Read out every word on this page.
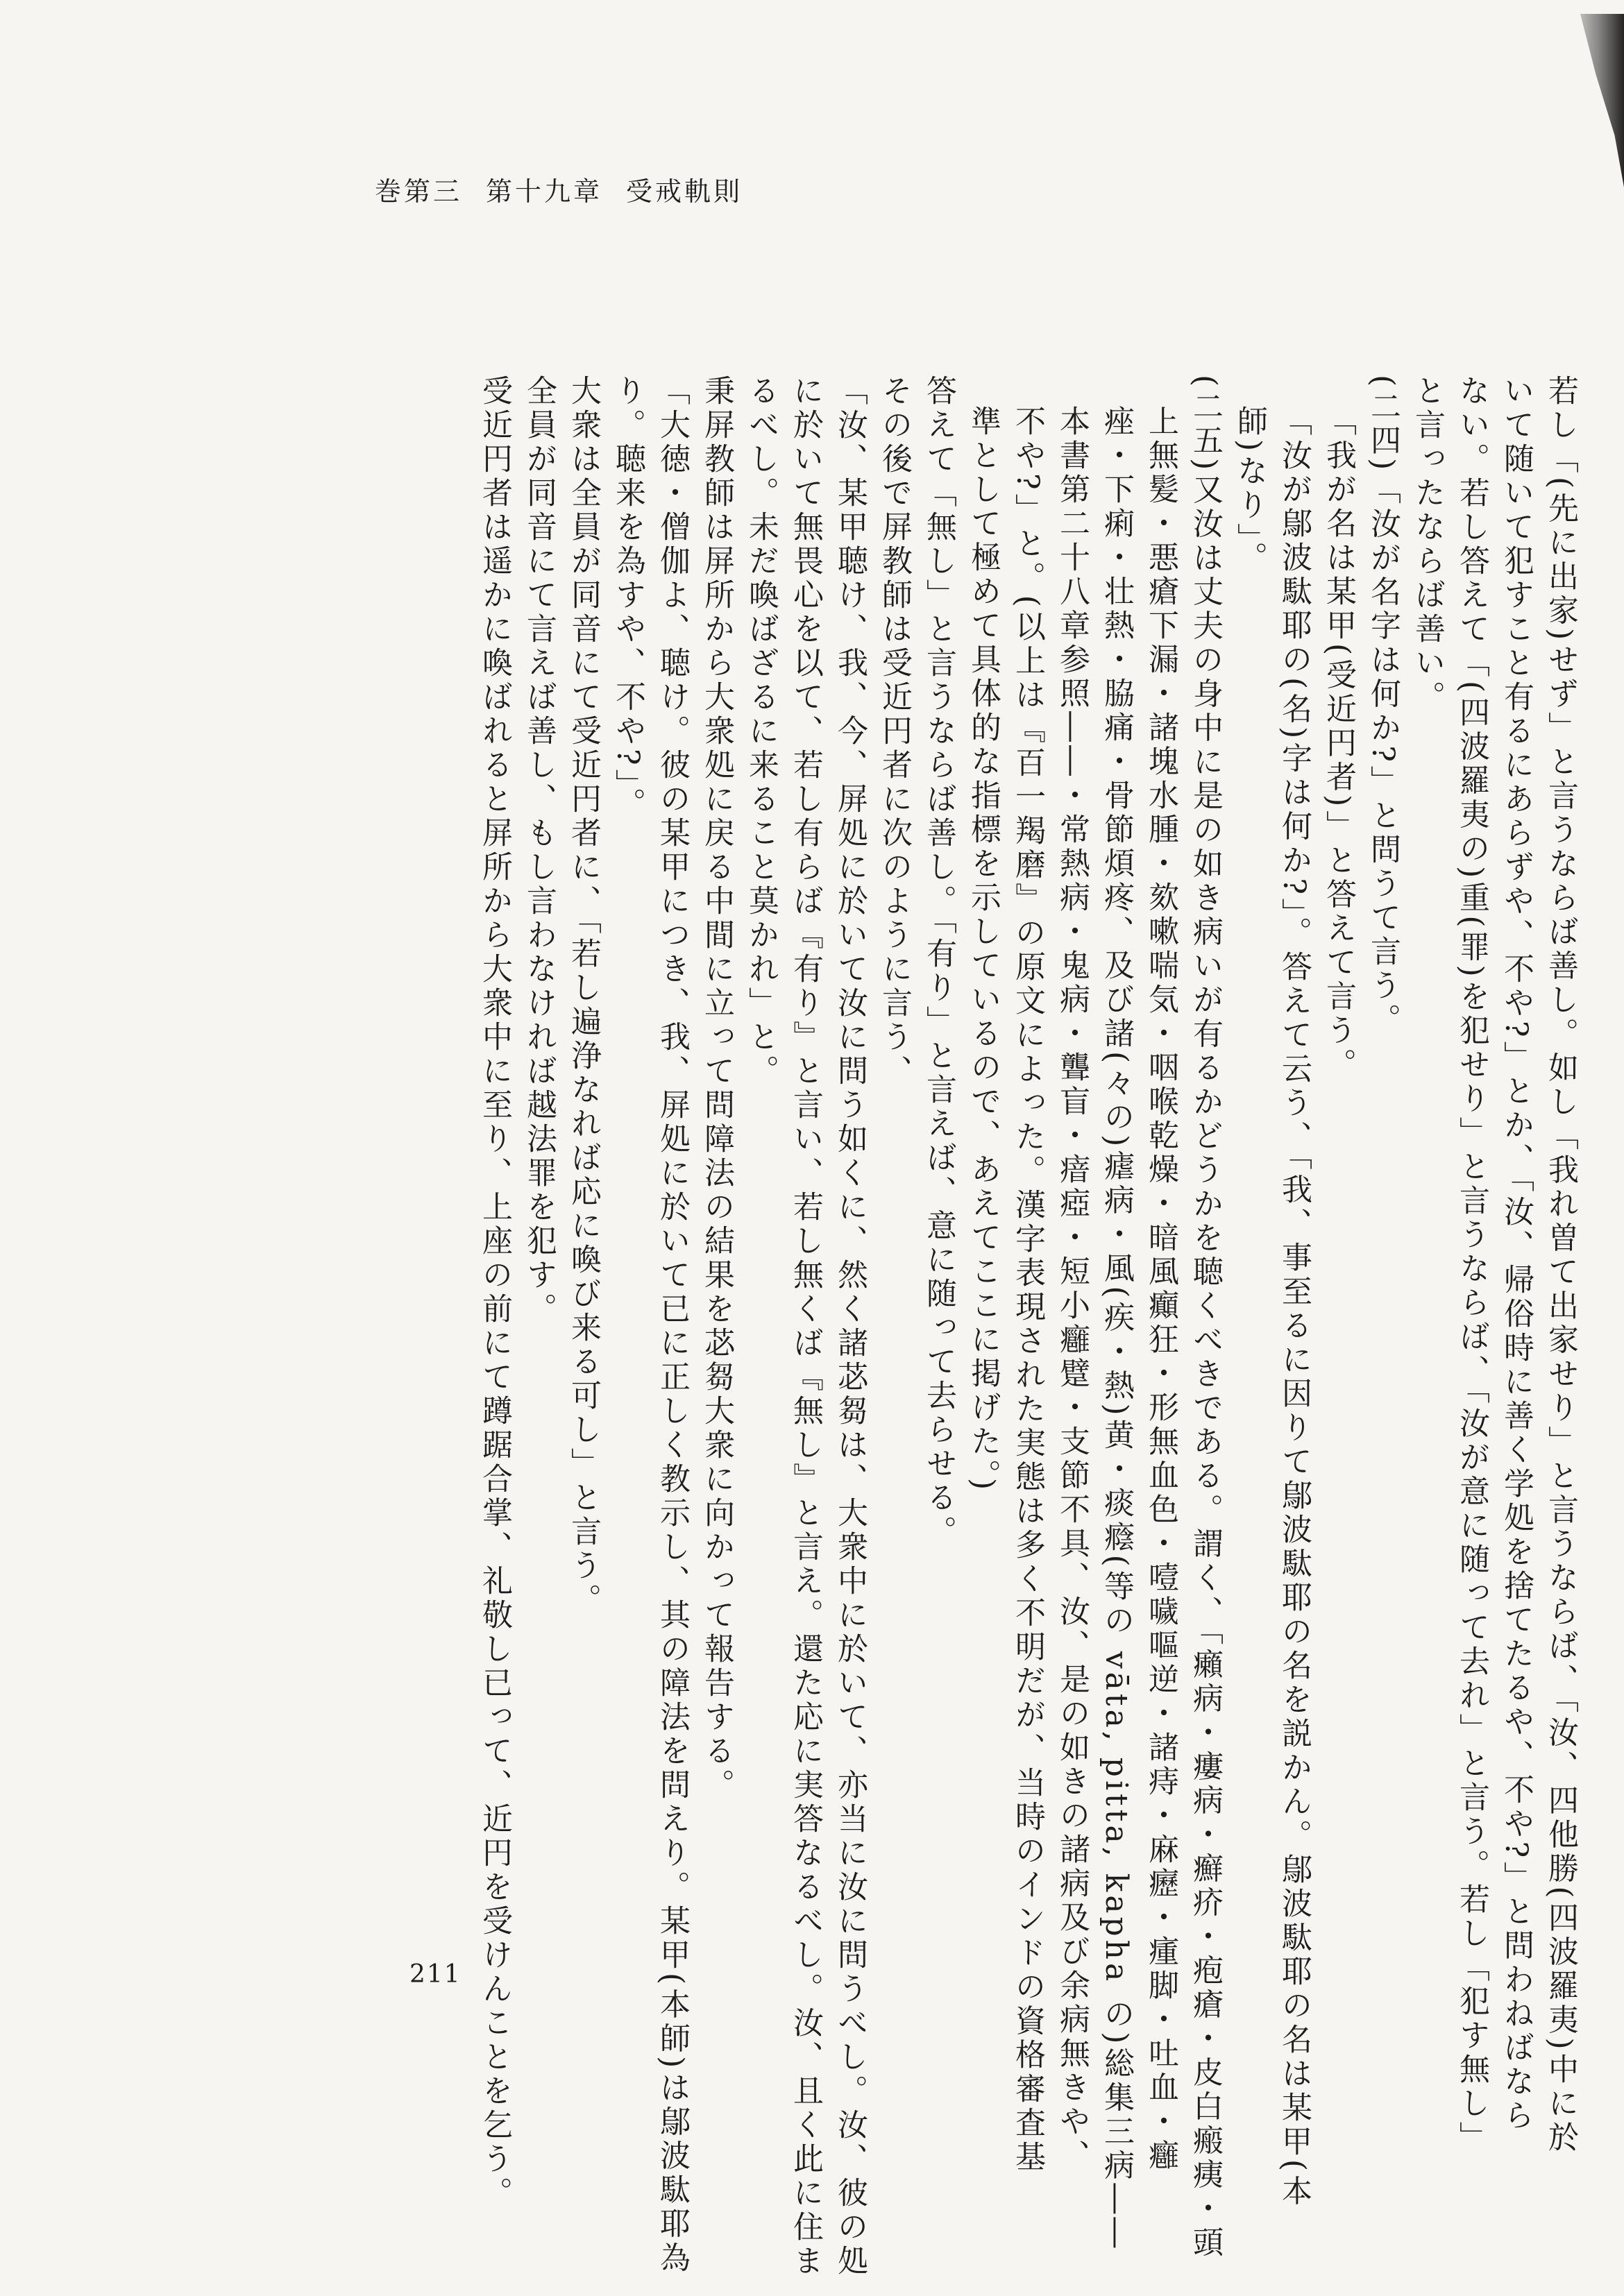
巻第三 第十九章 受戒軌則
若し「(先に出家)せず」と言うならば善し。如し「我れ曽て出家せり」と言うならば、「汝、四他勝(四波羅夷)中に於
いて随いて犯すこと有るにあらずや、不や?」とか、「汝、帰俗時に善く学処を捨てたるや、不や?」と問わねばなら
ない。若し答えて「(四波羅夷の)重(罪)を犯せり」と言うならば、「汝が意に随って去れ」と言う。若し「犯す無し」
と言ったならば善い。
(二四)「汝が名字は何か?」と問うて言う。
「我が名は某甲(受近円者)」と答えて言う。
「汝が鄔波駄耶の(名)字は何か?」。答えて云う、「我、事至るに因りて鄔波駄耶の名を説かん。鄔波駄耶の名は某甲(本
師)なり」。
(二五)又汝は丈夫の身中に是の如き病いが有るかどうかを聴くべきである。謂く、「癩病・瘻病・癬疥・疱瘡・皮白瘢痍・頭
上無髪・悪瘡下漏・諸塊水腫・欬嗽喘気・咽喉乾燥・暗風癲狂・形無血色・噎噦嘔逆・諸痔・麻癧・瘇脚・吐血・癰
痤・下痢・壮熱・脇痛・骨節煩疼、及び諸(々の)瘧病・風(疾・熱)黄・痰癊(等の vāta, pitta, kapha の)総集三病――
本書第二十八章参照――・常熱病・鬼病・聾盲・瘖瘂・短小癰躄・支節不具、汝、是の如きの諸病及び余病無きや、
不や?」と。(以上は『百一羯磨』の原文によった。漢字表現された実態は多く不明だが、当時のインドの資格審査基
準として極めて具体的な指標を示しているので、あえてここに掲げた。)
答えて「無し」と言うならば善し。「有り」と言えば、意に随って去らせる。
その後で屏教師は受近円者に次のように言う、
「汝、某甲聴け、我、今、屏処に於いて汝に問う如くに、然く諸苾芻は、大衆中に於いて、亦当に汝に問うべし。汝、彼の処
に於いて無畏心を以て、若し有らば『有り』と言い、若し無くば『無し』と言え。還た応に実答なるべし。汝、且く此に住ま
るべし。未だ喚ばざるに来ること莫かれ」と。
秉屏教師は屏所から大衆処に戻る中間に立って問障法の結果を苾芻大衆に向かって報告する。
「大徳・僧伽よ、聴け。彼の某甲につき、我、屏処に於いて已に正しく教示し、其の障法を問えり。某甲(本師)は鄔波駄耶為
り。聴来を為すや、不や?」。
大衆は全員が同音にて受近円者に、「若し遍浄なれば応に喚び来る可し」と言う。
全員が同音にて言えば善し、もし言わなければ越法罪を犯す。
受近円者は遥かに喚ばれると屏所から大衆中に至り、上座の前にて蹲踞合掌、礼敬し已って、近円を受けんことを乞う。
211
